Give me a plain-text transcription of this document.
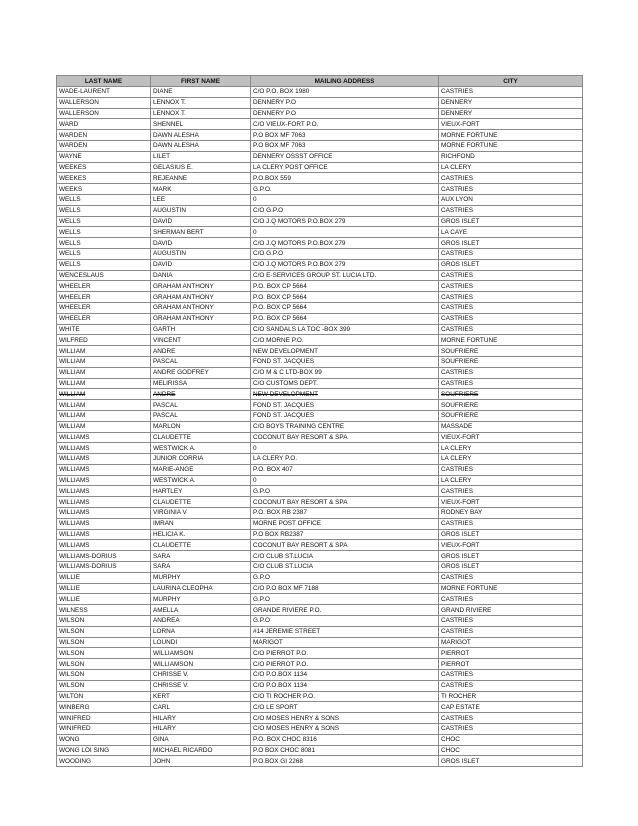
LAST NAME	FIRST NAME	MAILING ADDRESS	CITY
WADE-LAURENT	DIANE	C/O P.O. BOX 1980	CASTRIES
WALLERSON	LENNOX T.	DENNERY P.O	DENNERY
WALLERSON	LENNOX T.	DENNERY P.O	DENNERY
WARD	SHENNEL	C/O VIEUX-FORT P.O.	VIEUX-FORT
WARDEN	DAWN ALESHA	P.O BOX MF 7063	MORNE FORTUNE
WARDEN	DAWN ALESHA	P.O BOX MF 7063	MORNE FORTUNE
WAYNE	LILET	DENNERY OSSST OFFICE	RICHFOND
WEEKES	GELASIUS E.	LA CLERY POST OFFICE	LA CLERY
WEEKES	REJEANNE	P.O.BOX 559	CASTRIES
WEEKS	MARK	G.P.O.	CASTRIES
WELLS	LEE	0	AUX LYON
WELLS	AUGUSTIN	C/O G.P.O	CASTRIES
WELLS	DAVID	C/O J.Q MOTORS P.O.BOX 279	GROS ISLET
WELLS	SHERMAN BERT	0	LA CAYE
WELLS	DAVID	C/O J.Q MOTORS P.O.BOX 279	GROS ISLET
WELLS	AUGUSTIN	C/O G.P.O	CASTRIES
WELLS	DAVID	C/O J.Q MOTORS P.O.BOX 279	GROS ISLET
WENCESLAUS	DANIA	C/O E-SERVICES GROUP ST. LUCIA LTD.	CASTRIES
WHEELER	GRAHAM ANTHONY	P.O. BOX CP 5664	CASTRIES
WHEELER	GRAHAM ANTHONY	P.O. BOX CP 5664	CASTRIES
WHEELER	GRAHAM ANTHONY	P.O. BOX CP 5664	CASTRIES
WHEELER	GRAHAM ANTHONY	P.O. BOX CP 5664	CASTRIES
WHITE	GARTH	C/O SANDALS LA TOC -BOX 399	CASTRIES
WILFRED	VINCENT	C/O MORNE P.O.	MORNE FORTUNE
WILLIAM	ANDRE	NEW DEVELOPMENT	SOUFRIERE
WILLIAM	PASCAL	FOND ST. JACQUES	SOUFRIERE
WILLIAM	ANDRE GODFREY	C/O M & C LTD-BOX 99	CASTRIES
WILLIAM	MELIRISSA	C/O CUSTOMS DEPT.	CASTRIES
WILLIAM	ANDRE	NEW DEVELOPMENT	SOUFRIERE
WILLIAM	PASCAL	FOND ST. JACQUES	SOUFRIERE
WILLIAM	PASCAL	FOND ST. JACQUES	SOUFRIERE
WILLIAM	MARLON	C/O BOYS TRAINING CENTRE	MASSADE
WILLIAMS	CLAUDETTE	COCONUT BAY RESORT & SPA	VIEUX-FORT
WILLIAMS	WESTWICK A.	0	LA CLERY
WILLIAMS	JUNIOR CORRIA	LA CLERY P.O.	LA CLERY
WILLIAMS	MARIE-ANGE	P.O. BOX 407	CASTRIES
WILLIAMS	WESTWICK A.	0	LA CLERY
WILLIAMS	HARTLEY	G.P.O	CASTRIES
WILLIAMS	CLAUDETTE	COCONUT BAY RESORT & SPA	VIEUX-FORT
WILLIAMS	VIRGINIA V	P.O. BOX RB 2387	RODNEY BAY
WILLIAMS	IMRAN	MORNE POST OFFICE	CASTRIES
WILLIAMS	HELICIA K.	P.O BOX RB2387	GROS ISLET
WILLIAMS	CLAUDETTE	COCONUT BAY RESORT & SPA	VIEUX-FORT
WILLIAMS-DORIUS	SARA	C/O CLUB ST.LUCIA	GROS ISLET
WILLIAMS-DORIUS	SARA	C/O CLUB ST.LUCIA	GROS ISLET
WILLIE	MURPHY	G.P.O	CASTRIES
WILLIE	LAURINA CLEOPHA	C/O P.O BOX MF 7188	MORNE FORTUNE
WILLIE	MURPHY	G.P.O	CASTRIES
WILNESS	AMELLA	GRANDE RIVIERE P.O.	GRAND RIVIERE
WILSON	ANDREA	G.P.O	CASTRIES
WILSON	LORNA	#14 JEREMIE STREET	CASTRIES
WILSON	LOUNDI	MARIGOT	MARIGOT
WILSON	WILLIAMSON	C/O PIERROT P.O.	PIERROT
WILSON	WILLIAMSON	C/O PIERROT P.O.	PIERROT
WILSON	CHRISSE V.	C/O P.O.BOX 1134	CASTRIES
WILSON	CHRISSE V.	C/O P.O.BOX 1134	CASTRIES
WILTON	KERT	C/O TI ROCHER P.O.	TI ROCHER
WINBERG	CARL	C/O LE SPORT	CAP ESTATE
WINIFRED	HILARY	C/O MOSES HENRY & SONS	CASTRIES
WINIFRED	HILARY	C/O MOSES HENRY & SONS	CASTRIES
WONG	GINA	P.O. BOX CHOC 8316	CHOC
WONG LOI SING	MICHAEL RICARDO	P.O BOX CHOC 8081	CHOC
WOODING	JOHN	P.O.BOX GI 2268	GROS ISLET
